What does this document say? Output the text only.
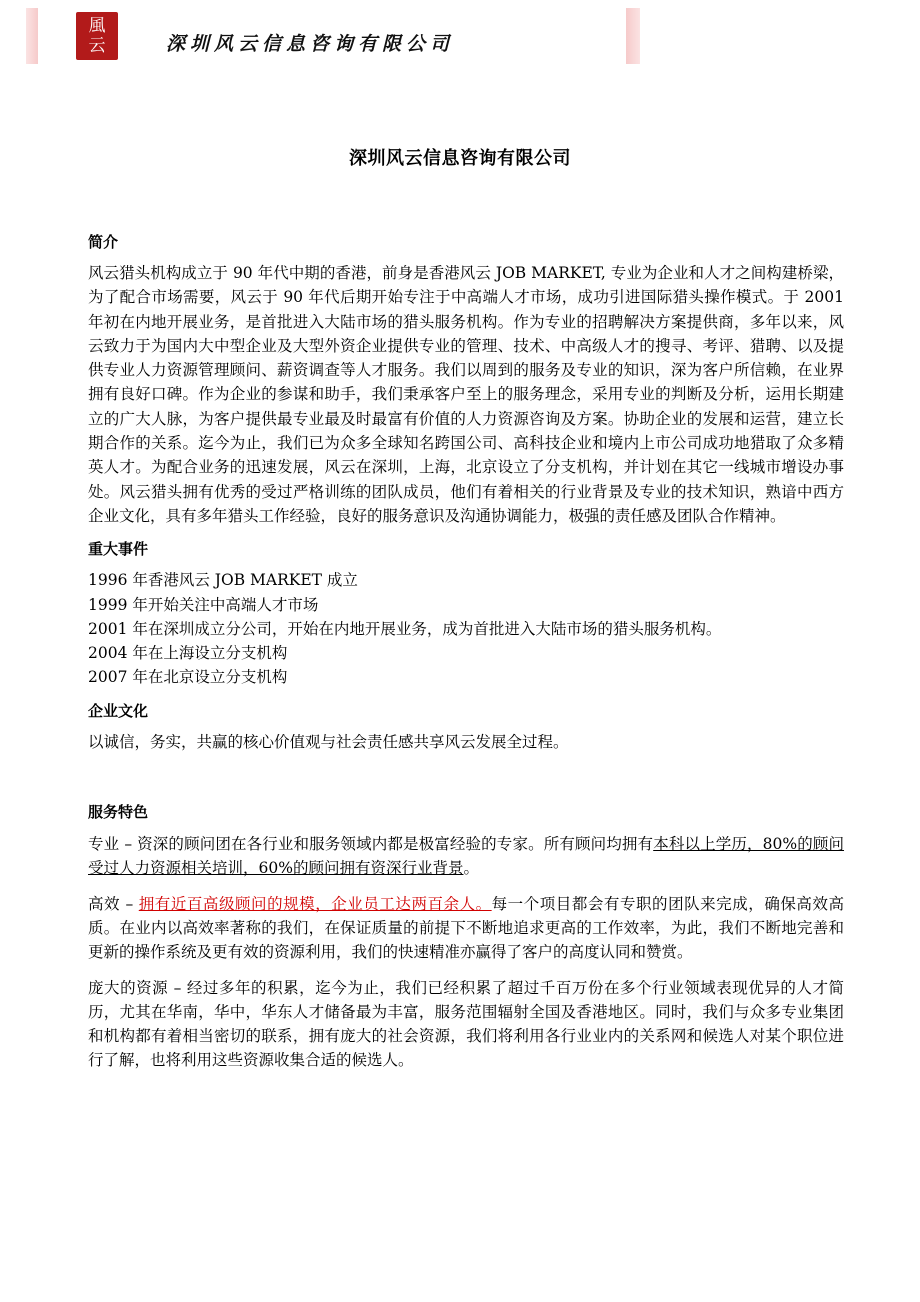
風
云	深圳风云信息咨询有限公司
深圳风云信息咨询有限公司

简介

风云猎头机构成立于 90 年代中期的香港，前身是香港风云 JOB MARKET, 专业为企业和人才之间构建桥梁，为了配合市场需要，风云于 90 年代后期开始专注于中高端人才市场，成功引进国际猎头操作模式。于 2001 年初在内地开展业务，是首批进入大陆市场的猎头服务机构。作为专业的招聘解决方案提供商，多年以来，风云致力于为国内大中型企业及大型外资企业提供专业的管理、技术、中高级人才的搜寻、考评、猎聘、以及提供专业人力资源管理顾问、薪资调查等人才服务。我们以周到的服务及专业的知识，深为客户所信赖，在业界拥有良好口碑。作为企业的参谋和助手，我们秉承客户至上的服务理念，采用专业的判断及分析，运用长期建立的广大人脉，为客户提供最专业最及时最富有价值的人力资源咨询及方案。协助企业的发展和运营，建立长期合作的关系。迄今为止，我们已为众多全球知名跨国公司、高科技企业和境内上市公司成功地猎取了众多精英人才。为配合业务的迅速发展，风云在深圳，上海，北京设立了分支机构，并计划在其它一线城市增设办事处。风云猎头拥有优秀的受过严格训练的团队成员，他们有着相关的行业背景及专业的技术知识，熟谙中西方企业文化，具有多年猎头工作经验，良好的服务意识及沟通协调能力，极强的责任感及团队合作精神。

重大事件

1996 年香港风云 JOB MARKET 成立
1999 年开始关注中高端人才市场
2001 年在深圳成立分公司，开始在内地开展业务，成为首批进入大陆市场的猎头服务机构。
2004 年在上海设立分支机构
2007 年在北京设立分支机构

企业文化

以诚信，务实，共赢的核心价值观与社会责任感共享风云发展全过程。

服务特色

专业 – 资深的顾问团在各行业和服务领域内都是极富经验的专家。所有顾问均拥有本科以上学历，80%的顾问受过人力资源相关培训，60%的顾问拥有资深行业背景。

高效 – 拥有近百高级顾问的规模，企业员工达两百余人。每一个项目都会有专职的团队来完成，确保高效高质。在业内以高效率著称的我们，在保证质量的前提下不断地追求更高的工作效率，为此，我们不断地完善和更新的操作系统及更有效的资源利用，我们的快速精准亦赢得了客户的高度认同和赞赏。

庞大的资源 – 经过多年的积累，迄今为止，我们已经积累了超过千百万份在多个行业领域表现优异的人才简历，尤其在华南，华中，华东人才储备最为丰富，服务范围辐射全国及香港地区。同时，我们与众多专业集团和机构都有着相当密切的联系，拥有庞大的社会资源，我们将利用各行业业内的关系网和候选人对某个职位进行了解，也将利用这些资源收集合适的候选人。
